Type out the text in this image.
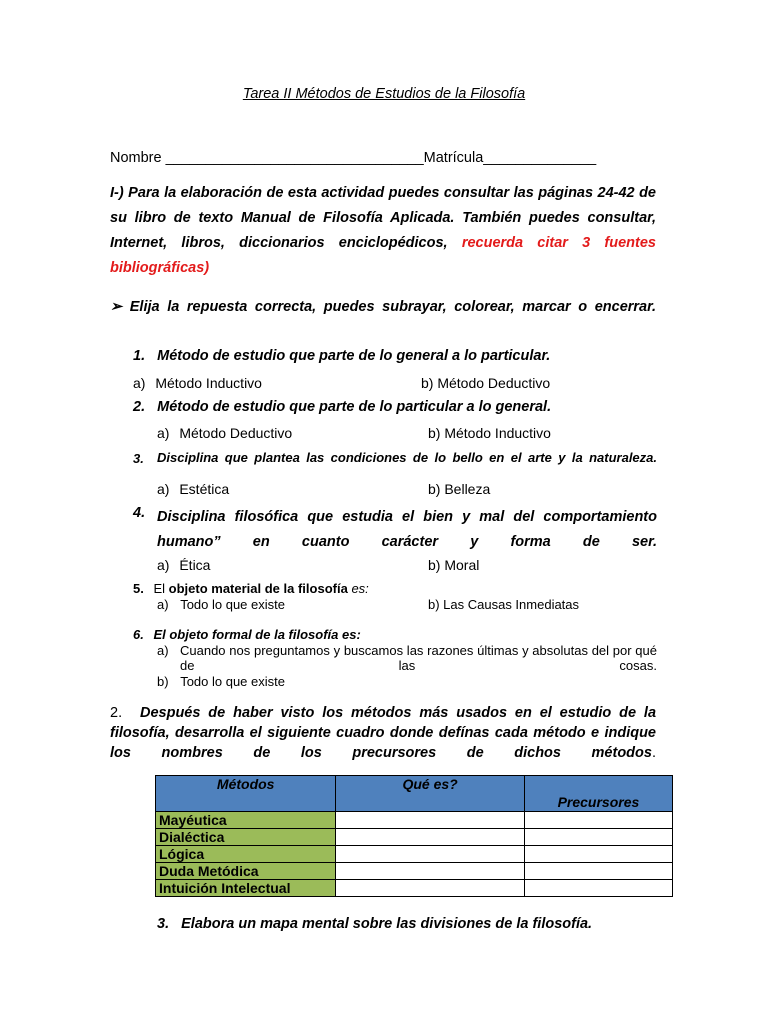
Tarea II Métodos de Estudios de la Filosofía
Nombre ________________________________Matrícula______________
I-) Para la elaboración de esta actividad puedes consultar las páginas 24-42 de su libro de texto Manual de Filosofía Aplicada. También puedes consultar, Internet, libros, diccionarios enciclopédicos, recuerda citar 3 fuentes bibliográficas)
➢ Elija la repuesta correcta, puedes subrayar, colorear, marcar o encerrar.
1. Método de estudio que parte de lo general a lo particular.
a) Método Inductivo	b) Método Deductivo
2. Método de estudio que parte de lo particular a lo general.
a) Método Deductivo	b) Método Inductivo
3. Disciplina que plantea las condiciones de lo bello en el arte y la naturaleza.
a) Estética	b) Belleza
4. Disciplina filosófica que estudia el bien y mal del comportamiento humano” en cuanto carácter y forma de ser.
a) Ética	b) Moral
5. El objeto material de la filosofía es:
a) Todo lo que existe	b) Las Causas Inmediatas
6. El objeto formal de la filosofía es:
a) Cuando nos preguntamos y buscamos las razones últimas y absolutas del por qué de las cosas.
b) Todo lo que existe
2. Después de haber visto los métodos más usados en el estudio de la filosofía, desarrolla el siguiente cuadro donde defínas cada método e indique los nombres de los precursores de dichos métodos.
Métodos	Qué es?	Precursores
Mayéutica		
Dialéctica		
Lógica		
Duda Metódica		
Intuición Intelectual		
3. Elabora un mapa mental sobre las divisiones de la filosofía.
